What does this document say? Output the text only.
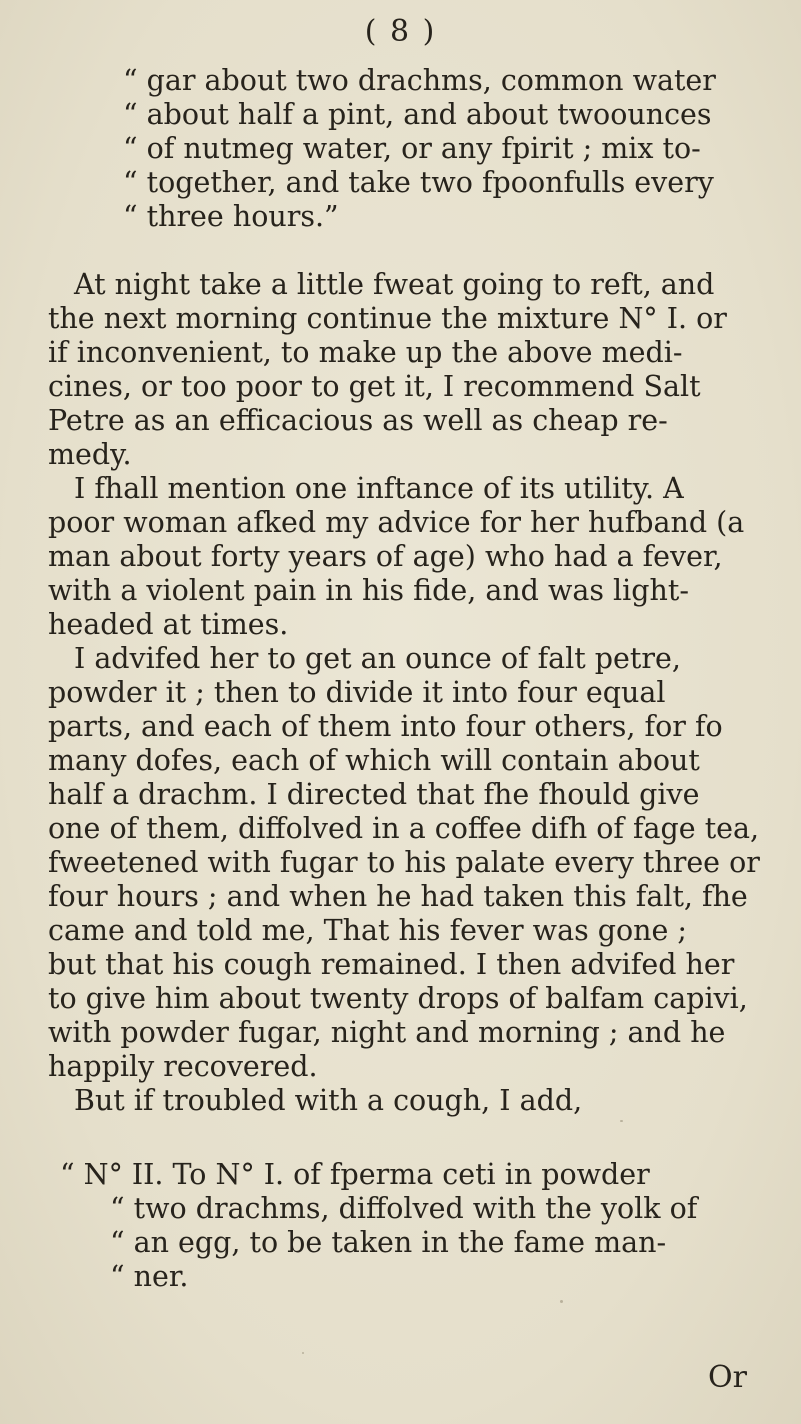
( 8 )
“ gar about two drachms, common water
“ about half a pint, and about twoounces
“ of nutmeg water, or any fpirit ; mix to-
“ together, and take two fpoonfulls every
“ three hours.”
At night take a little fweat going to reft, and
the next morning continue the mixture N° I. or
if inconvenient, to make up the above medi-
cines, or too poor to get it, I recommend Salt
Petre as an efficacious as well as cheap re-
medy.
I fhall mention one inftance of its utility. A
poor woman afked my advice for her hufband (a
man about forty years of age) who had a fever,
with a violent pain in his fide, and was light-
headed at times.
I advifed her to get an ounce of falt petre,
powder it ; then to divide it into four equal
parts, and each of them into four others, for fo
many dofes, each of which will contain about
half a drachm. I directed that fhe fhould give
one of them, diffolved in a coffee difh of fage tea,
fweetened with fugar to his palate every three or
four hours ; and when he had taken this falt, fhe
came and told me, That his fever was gone ;
but that his cough remained. I then advifed her
to give him about twenty drops of balfam capivi,
with powder fugar, night and morning ; and he
happily recovered.
But if troubled with a cough, I add,
“ N° II. To N° I. of fperma ceti in powder
“ two drachms, diffolved with the yolk of
“ an egg, to be taken in the fame man-
“ ner.
Or
